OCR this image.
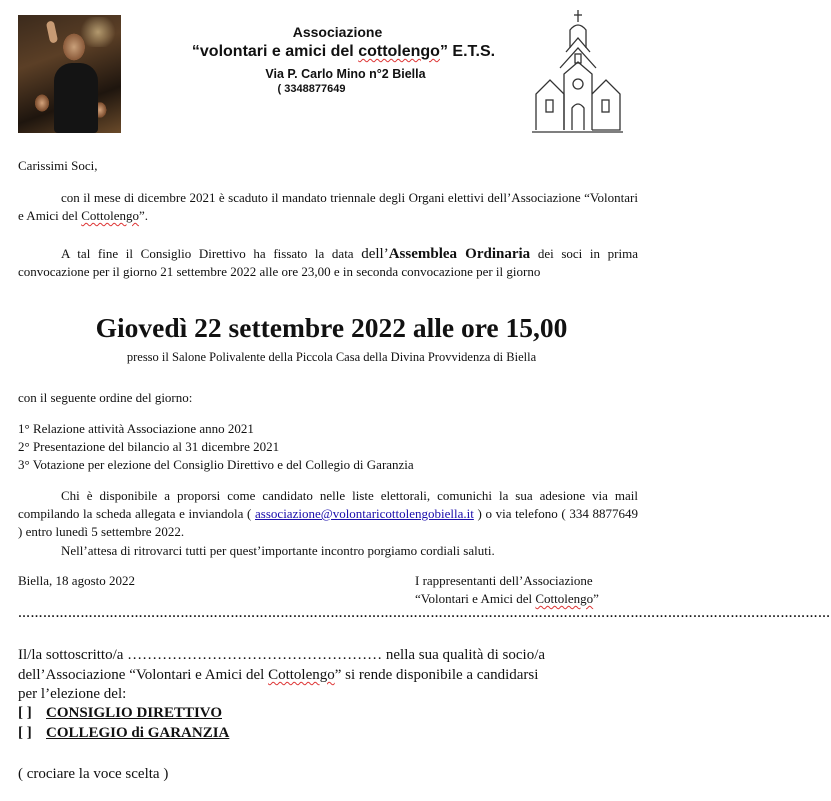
Associazione
“volontari e amici del cottolengo” E.T.S.
Via P. Carlo Mino n°2 Biella
( 3348877649
Carissimi Soci,
con il mese di dicembre 2021 è scaduto il mandato triennale degli Organi elettivi dell’Associazione “Volontari e Amici del Cottolengo”.
A tal fine il Consiglio Direttivo ha fissato la data dell’Assemblea Ordinaria dei soci in prima convocazione per il giorno 21 settembre 2022 alle ore 23,00 e in seconda convocazione per il giorno
Giovedì 22 settembre 2022 alle ore 15,00
presso il Salone Polivalente della Piccola Casa della Divina Provvidenza di Biella
con il seguente ordine del giorno:
1° Relazione attività Associazione anno 2021
2° Presentazione del bilancio al 31 dicembre 2021
3° Votazione per elezione del Consiglio Direttivo e del Collegio di Garanzia
Chi è disponibile a proporsi come candidato nelle liste elettorali, comunichi la sua adesione via mail compilando la scheda allegata e inviandola ( associazione@volontaricottolengobiella.it ) o via telefono ( 334 8877649 ) entro lunedì 5 settembre 2022.
Nell’attesa di ritrovarci tutti per quest’importante incontro porgiamo cordiali saluti.
Biella, 18 agosto 2022	I rappresentanti dell’Associazione
“Volontari e Amici del Cottolengo”
……………………………………………………………………………………………………………………………………………………………………………
Il/la sottoscritto/a …………………………………………… nella sua qualità di socio/a
dell’Associazione “Volontari e Amici del Cottolengo” si rende disponibile a candidarsi
per l’elezione del:
[ ] CONSIGLIO DIRETTIVO
[ ] COLLEGIO di GARANZIA
( crociare la voce scelta )
